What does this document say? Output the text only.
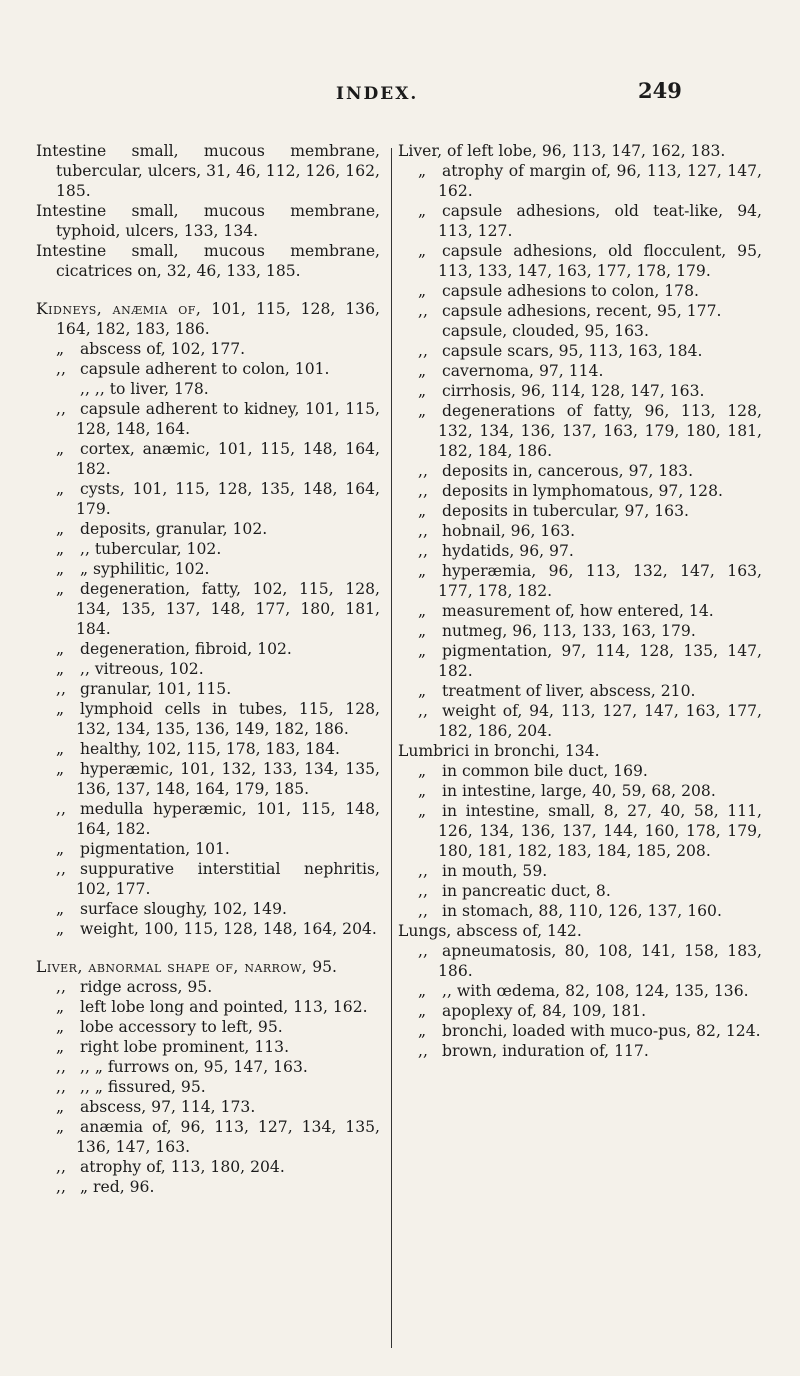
INDEX.	249
Intestine small, mucous membrane, tubercular, ulcers, 31, 46, 112, 126, 162, 185.
Intestine small, mucous membrane, typhoid, ulcers, 133, 134.
Intestine small, mucous membrane, cicatrices on, 32, 46, 133, 185.
Kidneys, anæmia of, 101, 115, 128, 136, 164, 182, 183, 186.
„ abscess of, 102, 177.
,, capsule adherent to colon, 101.
,, ,, to liver, 178.
,, capsule adherent to kidney, 101, 115, 128, 148, 164.
„ cortex, anæmic, 101, 115, 148, 164, 182.
„ cysts, 101, 115, 128, 135, 148, 164, 179.
„ deposits, granular, 102.
„ ,, tubercular, 102.
„ „ syphilitic, 102.
„ degeneration, fatty, 102, 115, 128, 134, 135, 137, 148, 177, 180, 181, 184.
„ degeneration, fibroid, 102.
„ ,, vitreous, 102.
,, granular, 101, 115.
„ lymphoid cells in tubes, 115, 128, 132, 134, 135, 136, 149, 182, 186.
„ healthy, 102, 115, 178, 183, 184.
„ hyperæmic, 101, 132, 133, 134, 135, 136, 137, 148, 164, 179, 185.
,, medulla hyperæmic, 101, 115, 148, 164, 182.
„ pigmentation, 101.
,, suppurative interstitial nephritis, 102, 177.
„ surface sloughy, 102, 149.
„ weight, 100, 115, 128, 148, 164, 204.
Liver, abnormal shape of, narrow, 95.
,, ridge across, 95.
„ left lobe long and pointed, 113, 162.
„ lobe accessory to left, 95.
„ right lobe prominent, 113.
,, ,, „ furrows on, 95, 147, 163.
,, ,, „ fissured, 95.
„ abscess, 97, 114, 173.
„ anæmia of, 96, 113, 127, 134, 135, 136, 147, 163.
,, atrophy of, 113, 180, 204.
,, „ red, 96.
Liver, of left lobe, 96, 113, 147, 162, 183.
„ atrophy of margin of, 96, 113, 127, 147, 162.
„ capsule adhesions, old teat-like, 94, 113, 127.
„ capsule adhesions, old flocculent, 95, 113, 133, 147, 163, 177, 178, 179.
„ capsule adhesions to colon, 178.
,, capsule adhesions, recent, 95, 177.
capsule, clouded, 95, 163.
,, capsule scars, 95, 113, 163, 184.
„ cavernoma, 97, 114.
„ cirrhosis, 96, 114, 128, 147, 163.
„ degenerations of fatty, 96, 113, 128, 132, 134, 136, 137, 163, 179, 180, 181, 182, 184, 186.
,, deposits in, cancerous, 97, 183.
,, deposits in lymphomatous, 97, 128.
„ deposits in tubercular, 97, 163.
,, hobnail, 96, 163.
,, hydatids, 96, 97.
„ hyperæmia, 96, 113, 132, 147, 163, 177, 178, 182.
„ measurement of, how entered, 14.
„ nutmeg, 96, 113, 133, 163, 179.
„ pigmentation, 97, 114, 128, 135, 147, 182.
„ treatment of liver, abscess, 210.
,, weight of, 94, 113, 127, 147, 163, 177, 182, 186, 204.
Lumbrici in bronchi, 134.
„ in common bile duct, 169.
„ in intestine, large, 40, 59, 68, 208.
„ in intestine, small, 8, 27, 40, 58, 111, 126, 134, 136, 137, 144, 160, 178, 179, 180, 181, 182, 183, 184, 185, 208.
,, in mouth, 59.
,, in pancreatic duct, 8.
,, in stomach, 88, 110, 126, 137, 160.
Lungs, abscess of, 142.
,, apneumatosis, 80, 108, 141, 158, 183, 186.
„ ,, with œdema, 82, 108, 124, 135, 136.
„ apoplexy of, 84, 109, 181.
„ bronchi, loaded with muco-pus, 82, 124.
,, brown, induration of, 117.
